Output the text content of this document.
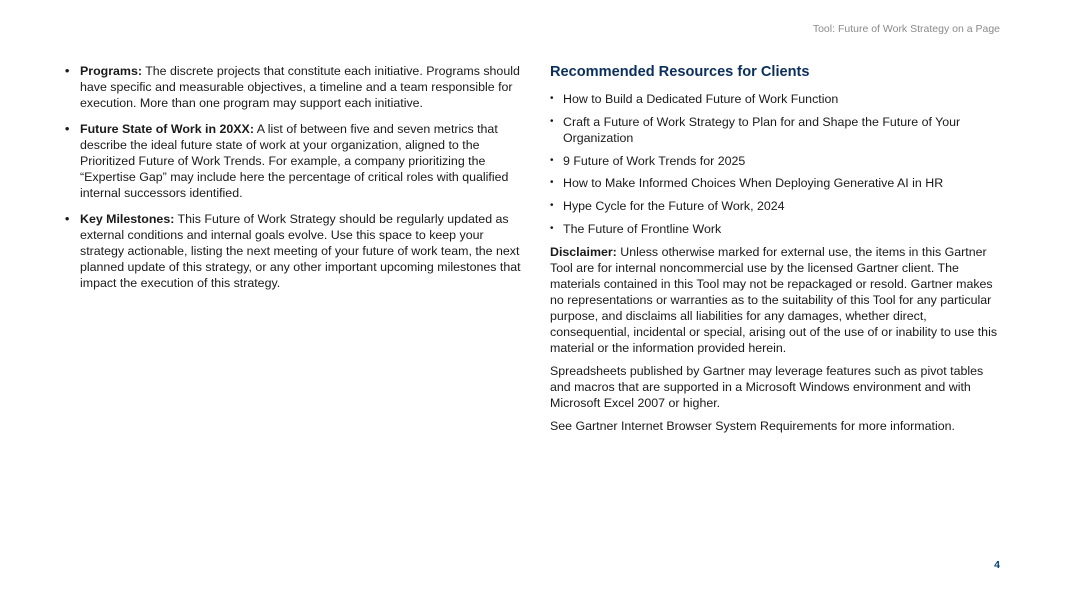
Tool: Future of Work Strategy on a Page
• Programs: The discrete projects that constitute each initiative. Programs should have specific and measurable objectives, a timeline and a team responsible for execution. More than one program may support each initiative.
• Future State of Work in 20XX: A list of between five and seven metrics that describe the ideal future state of work at your organization, aligned to the Prioritized Future of Work Trends. For example, a company prioritizing the “Expertise Gap” may include here the percentage of critical roles with qualified internal successors identified.
• Key Milestones: This Future of Work Strategy should be regularly updated as external conditions and internal goals evolve. Use this space to keep your strategy actionable, listing the next meeting of your future of work team, the next planned update of this strategy, or any other important upcoming milestones that impact the execution of this strategy.
Recommended Resources for Clients
• How to Build a Dedicated Future of Work Function
• Craft a Future of Work Strategy to Plan for and Shape the Future of Your Organization
• 9 Future of Work Trends for 2025
• How to Make Informed Choices When Deploying Generative AI in HR
• Hype Cycle for the Future of Work, 2024
• The Future of Frontline Work

Disclaimer: Unless otherwise marked for external use, the items in this Gartner Tool are for internal noncommercial use by the licensed Gartner client. The materials contained in this Tool may not be repackaged or resold. Gartner makes no representations or warranties as to the suitability of this Tool for any particular purpose, and disclaims all liabilities for any damages, whether direct, consequential, incidental or special, arising out of the use of or inability to use this material or the information provided herein.

Spreadsheets published by Gartner may leverage features such as pivot tables and macros that are supported in a Microsoft Windows environment and with Microsoft Excel 2007 or higher.

See Gartner Internet Browser System Requirements for more information.

4
